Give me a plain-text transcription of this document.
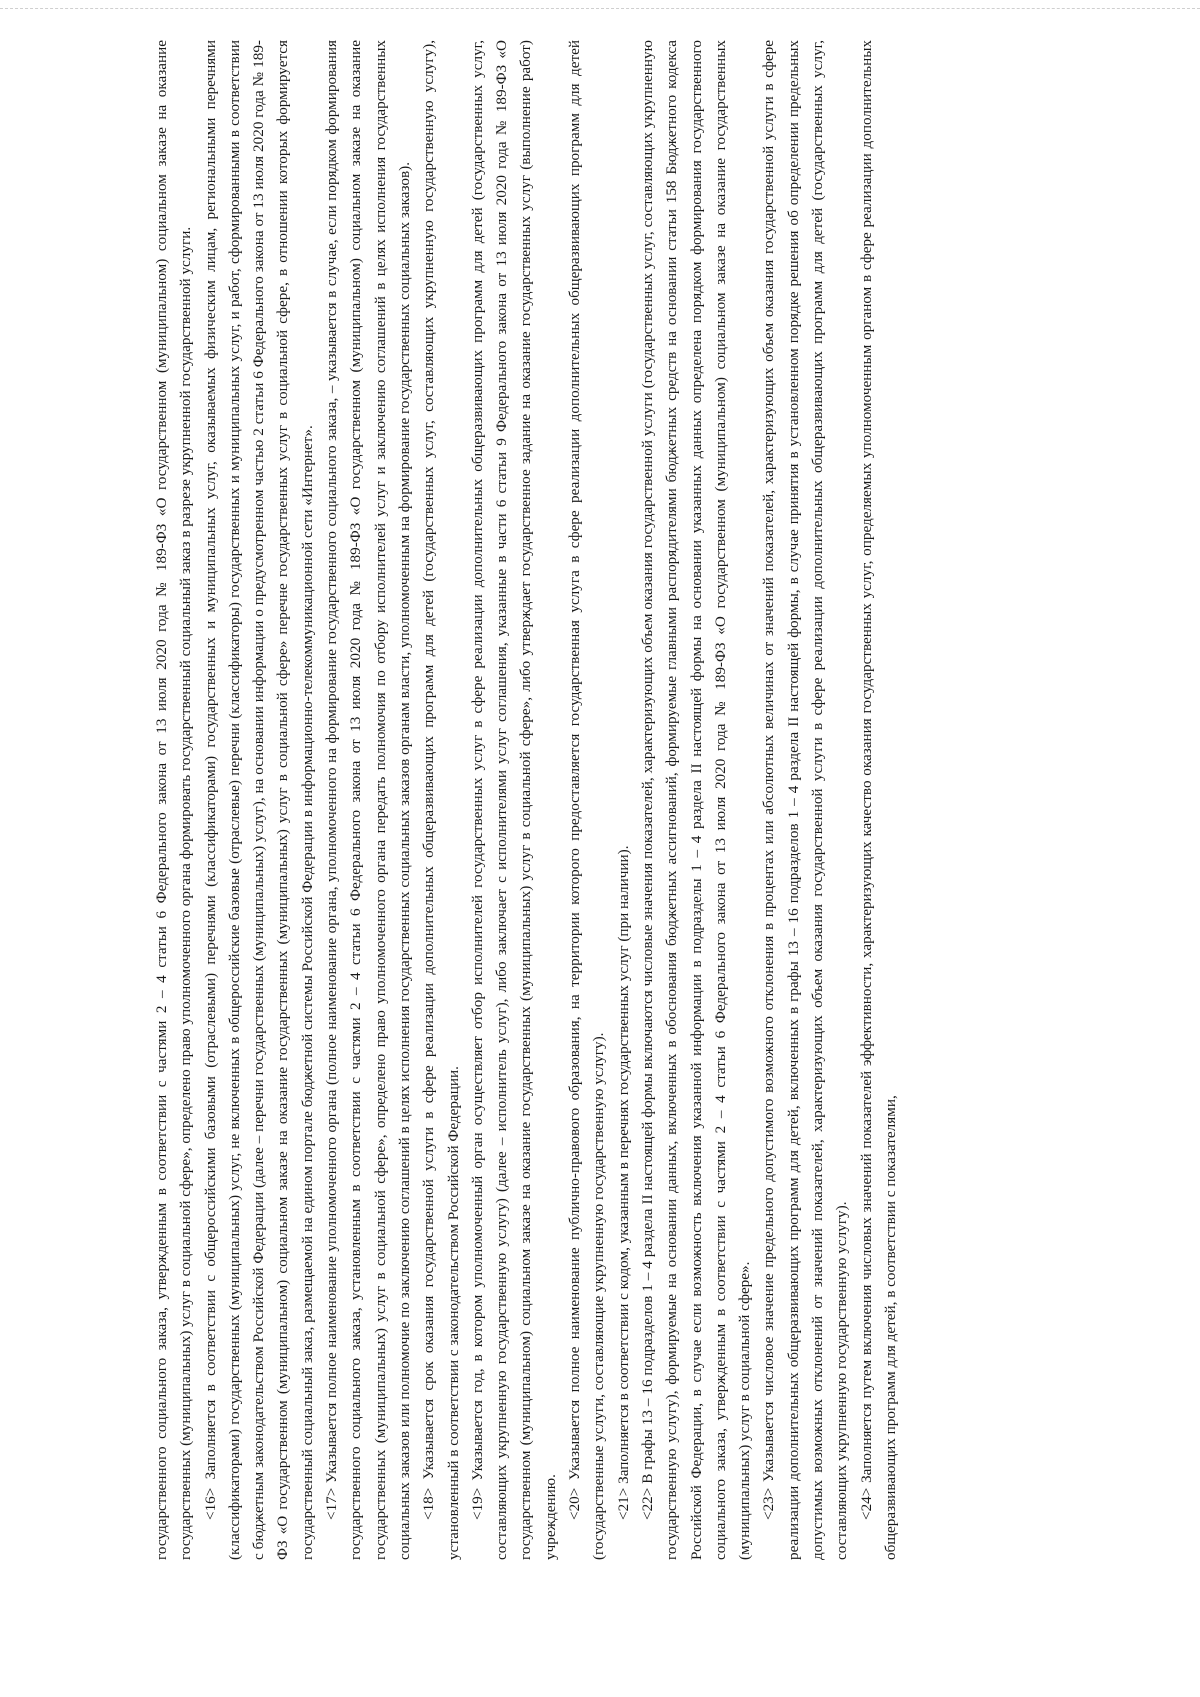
государственного социального заказа, утвержденным в соответствии с частями 2 – 4 статьи 6 Федерального закона от 13 июля 2020 года № 189-ФЗ «О государственном (муниципальном) социальном заказе на оказание государственных (муниципальных) услуг в социальной сфере», определено право уполномоченного органа формировать государственный социальный заказ в разрезе укрупненной государственной услуги. <16> Заполняется в соответствии с общероссийскими базовыми (отраслевыми) перечнями (классификаторами) государственных и муниципальных услуг, оказываемых физическим лицам, региональными перечнями (классификаторами) государственных (муниципальных) услуг, не включенных в общероссийские базовые (отраслевые) перечни (классификаторы) государственных и муниципальных услуг, и работ, сформированными в соответствии с бюджетным законодательством Российской Федерации (далее – перечни государственных (муниципальных) услуг), на основании информации о предусмотренном частью 2 статьи 6 Федерального закона от 13 июля 2020 года № 189-ФЗ «О государственном (муниципальном) социальном заказе на оказание государственных (муниципальных) услуг в социальной сфере» перечне государственных услуг в социальной сфере, в отношении которых формируется государственный социальный заказ, размещаемой на едином портале бюджетной системы Российской Федерации в информационно-телекоммуникационной сети «Интернет». <17> Указывается полное наименование уполномоченного органа (полное наименование органа, уполномоченного на формирование государственного социального заказа, – указывается в случае, если порядком формирования государственного социального заказа, установленным в соответствии с частями 2 – 4 статьи 6 Федерального закона от 13 июля 2020 года № 189-ФЗ «О государственном (муниципальном) социальном заказе на оказание государственных (муниципальных) услуг в социальной сфере», определено право уполномоченного органа передать полномочия по отбору исполнителей услуг и заключению соглашений в целях исполнения государственных социальных заказов или полномочие по заключению соглашений в целях исполнения государственных социальных заказов органам власти, уполномоченным на формирование государственных социальных заказов). <18> Указывается срок оказания государственной услуги в сфере реализации дополнительных общеразвивающих программ для детей (государственных услуг, составляющих укрупненную государственную услугу), установленный в соответствии с законодательством Российской Федерации. <19> Указывается год, в котором уполномоченный орган осуществляет отбор исполнителей государственных услуг в сфере реализации дополнительных общеразвивающих программ для детей (государственных услуг, составляющих укрупненную государственную услугу) (далее – исполнитель услуг), либо заключает с исполнителями услуг соглашения, указанные в части 6 статьи 9 Федерального закона от 13 июля 2020 года № 189-ФЗ «О государственном (муниципальном) социальном заказе на оказание государственных (муниципальных) услуг в социальной сфере», либо утверждает государственное задание на оказание государственных услуг (выполнение работ) учреждению. <20> Указывается полное наименование публично-правового образования, на территории которого предоставляется государственная услуга в сфере реализации дополнительных общеразвивающих программ для детей (государственные услуги, составляющие укрупненную государственную услугу). <21> Заполняется в соответствии с кодом, указанным в перечнях государственных услуг (при наличии). <22> В графы 13 – 16 подразделов 1 – 4 раздела II настоящей формы включаются числовые значения показателей, характеризующих объем оказания государственной услуги (государственных услуг, составляющих укрупненную государственную услугу), формируемые на основании данных, включенных в обоснования бюджетных ассигнований, формируемые главными распорядителями бюджетных средств на основании статьи 158 Бюджетного кодекса Российской Федерации, в случае если возможность включения указанной информации в подразделы 1 – 4 раздела II настоящей формы на основании указанных данных определена порядком формирования государственного социального заказа, утвержденным в соответствии с частями 2 – 4 статьи 6 Федерального закона от 13 июля 2020 года № 189-ФЗ «О государственном (муниципальном) социальном заказе на оказание государственных (муниципальных) услуг в социальной сфере». <23> Указывается числовое значение предельного допустимого возможного отклонения в процентах или абсолютных величинах от значений показателей, характеризующих объем оказания государственной услуги в сфере реализации дополнительных общеразвивающих программ для детей, включенных в графы 13 – 16 подразделов 1 – 4 раздела II настоящей формы, в случае принятия в установленном порядке решения об определении предельных допустимых возможных отклонений от значений показателей, характеризующих объем оказания государственной услуги в сфере реализации дополнительных общеразвивающих программ для детей (государственных услуг, составляющих укрупненную государственную услугу). <24> Заполняется путем включения числовых значений показателей эффективности, характеризующих качество оказания государственных услуг, определяемых уполномоченным органом в сфере реализации дополнительных общеразвивающих программ для детей, в соответствии с показателями,
